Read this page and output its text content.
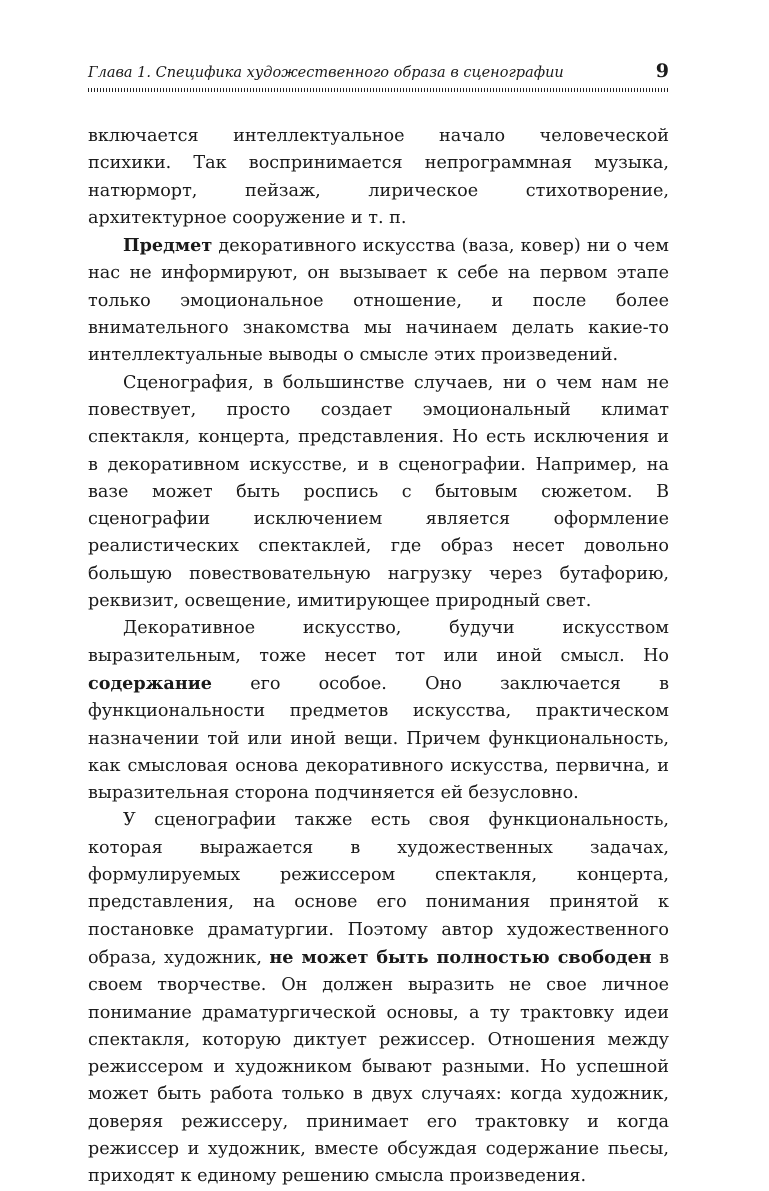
Глава 1. Специфика художественного образа в сценографии	9

включается интеллектуальное начало человеческой психики. Так воспринимается непрограммная музыка, натюрморт, пейзаж, лирическое стихотворение, архитектурное сооружение и т. п.

Предмет декоративного искусства (ваза, ковер) ни о чем нас не информируют, он вызывает к себе на первом этапе только эмоциональное отношение, и после более внимательного знакомства мы начинаем делать какие-то интеллектуальные выводы о смысле этих произведений.

Сценография, в большинстве случаев, ни о чем нам не повествует, просто создает эмоциональный климат спектакля, концерта, представления. Но есть исключения и в декоративном искусстве, и в сценографии. Например, на вазе может быть роспись с бытовым сюжетом. В сценографии исключением является оформление реалистических спектаклей, где образ несет довольно большую повествовательную нагрузку через бутафорию, реквизит, освещение, имитирующее природный свет.

Декоративное искусство, будучи искусством выразительным, тоже несет тот или иной смысл. Но содержание его особое. Оно заключается в функциональности предметов искусства, практическом назначении той или иной вещи. Причем функциональность, как смысловая основа декоративного искусства, первична, и выразительная сторона подчиняется ей безусловно.

У сценографии также есть своя функциональность, которая выражается в художественных задачах, формулируемых режиссером спектакля, концерта, представления, на основе его понимания принятой к постановке драматургии. Поэтому автор художественного образа, художник, не может быть полностью свободен в своем творчестве. Он должен выразить не свое личное понимание драматургической основы, а ту трактовку идеи спектакля, которую диктует режиссер. Отношения между режиссером и художником бывают разными. Но успешной может быть работа только в двух случаях: когда художник, доверяя режиссеру, принимает его трактовку и когда режиссер и художник, вместе обсуждая содержание пьесы, приходят к единому решению смысла произведения.
